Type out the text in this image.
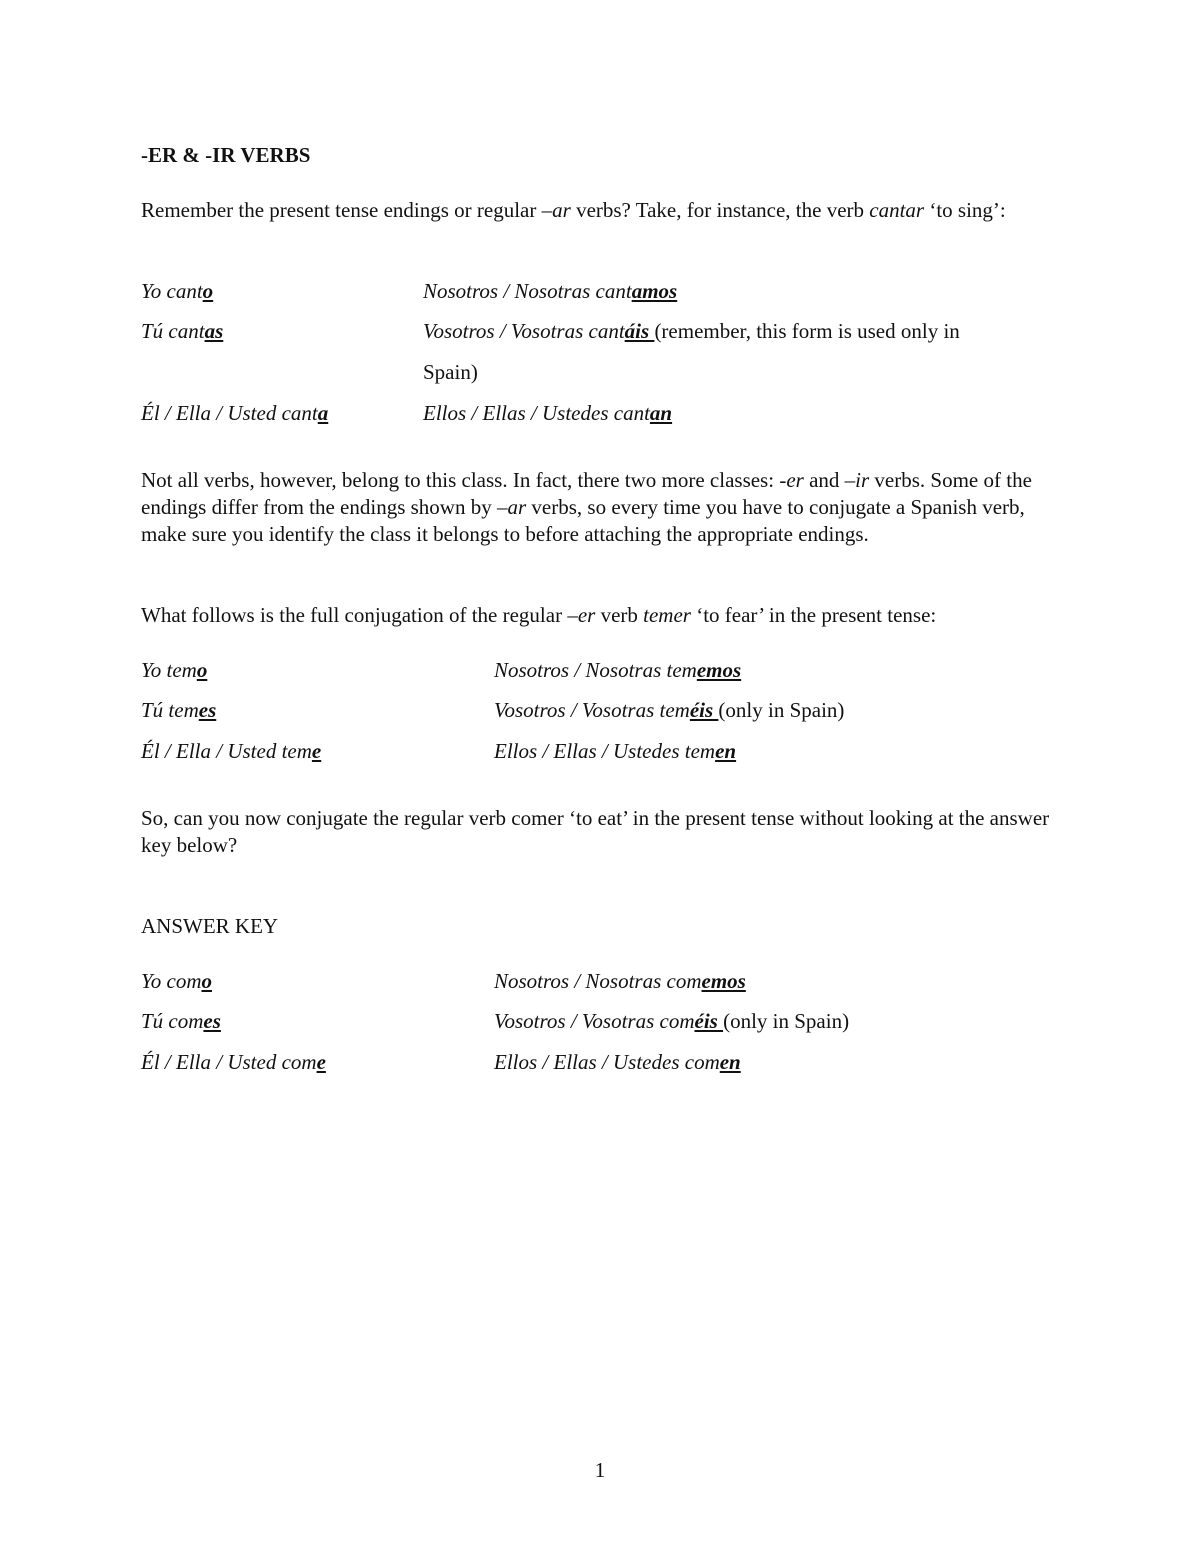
-ER & -IR VERBS
Remember the present tense endings or regular –ar verbs? Take, for instance, the verb cantar ‘to sing’:
Yo canto	Nosotros / Nosotras cantamos
Tú cantas	Vosotros / Vosotras cantáis (remember, this form is used only in
Spain)
Él / Ella / Usted canta	Ellos / Ellas / Ustedes cantan
Not all verbs, however, belong to this class. In fact, there two more classes: -er and –ir verbs. Some of the endings differ from the endings shown by –ar verbs, so every time you have to conjugate a Spanish verb, make sure you identify the class it belongs to before attaching the appropriate endings.
What follows is the full conjugation of the regular –er verb temer ‘to fear’ in the present tense:
Yo temo	Nosotros / Nosotras tememos
Tú temes	Vosotros / Vosotras teméis (only in Spain)
Él / Ella / Usted teme	Ellos / Ellas / Ustedes temen
So, can you now conjugate the regular verb comer ‘to eat’ in the present tense without looking at the answer key below?
ANSWER KEY
Yo como	Nosotros / Nosotras comemos
Tú comes	Vosotros / Vosotras coméis (only in Spain)
Él / Ella / Usted come	Ellos / Ellas / Ustedes comen
1
